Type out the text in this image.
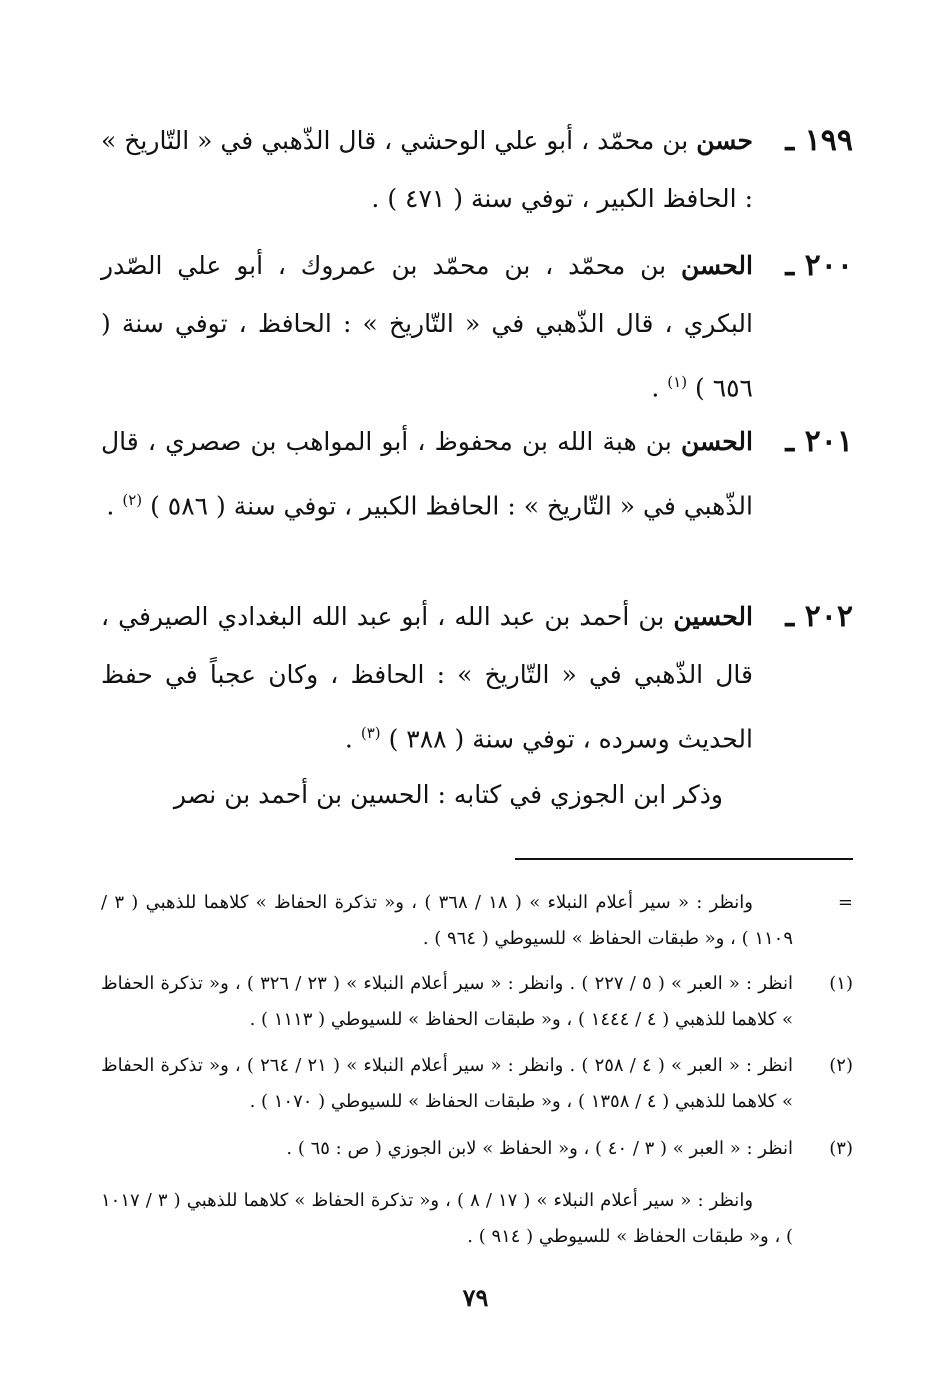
١٩٩ ـ
حسن بن محمّد ، أبو علي الوحشي ، قال الذّهبي في « التّاريخ » : الحافظ الكبير ، توفي سنة ( ٤٧١ ) .
٢٠٠ ـ
الحسن بن محمّد ، بن محمّد بن عمروك ، أبو علي الصّدر البكري ، قال الذّهبي في « التّاريخ » : الحافظ ، توفي سنة ( ٦٥٦ ) $^{(١)}$ .
٢٠١ ـ
الحسن بن هبة الله بن محفوظ ، أبو المواهب بن صصري ، قال الذّهبي في « التّاريخ » : الحافظ الكبير ، توفي سنة ( ٥٨٦ ) $^{(٢)}$ .
٢٠٢ ـ
الحسين بن أحمد بن عبد الله ، أبو عبد الله البغدادي الصيرفي ، قال الذّهبي في « التّاريخ » : الحافظ ، وكان عجباً في حفظ الحديث وسرده ، توفي سنة ( ٣٨٨ ) $^{(٣)}$ .
وذكر ابن الجوزي في كتابه : الحسين بن أحمد بن نصر
=
وانظر : « سير أعلام النبلاء » ( ١٨ / ٣٦٨ ) ، و« تذكرة الحفاظ » كلاهما للذهبي ( ٣ / ١١٠٩ ) ، و« طبقات الحفاظ » للسيوطي ( ٩٦٤ ) .
(١)
انظر : « العبر » ( ٥ / ٢٢٧ ) . وانظر : « سير أعلام النبلاء » ( ٢٣ / ٣٢٦ ) ، و« تذكرة الحفاظ » كلاهما للذهبي ( ٤ / ١٤٤٤ ) ، و« طبقات الحفاظ » للسيوطي ( ١١١٣ ) .
(٢)
انظر : « العبر » ( ٤ / ٢٥٨ ) . وانظر : « سير أعلام النبلاء » ( ٢١ / ٢٦٤ ) ، و« تذكرة الحفاظ » كلاهما للذهبي ( ٤ / ١٣٥٨ ) ، و« طبقات الحفاظ » للسيوطي ( ١٠٧٠ ) .
(٣)
انظر : « العبر » ( ٣ / ٤٠ ) ، و« الحفاظ » لابن الجوزي ( ص : ٦٥ ) .
وانظر : « سير أعلام النبلاء » ( ١٧ / ٨ ) ، و« تذكرة الحفاظ » كلاهما للذهبي ( ٣ / ١٠١٧ ) ، و« طبقات الحفاظ » للسيوطي ( ٩١٤ ) .
٧٩
